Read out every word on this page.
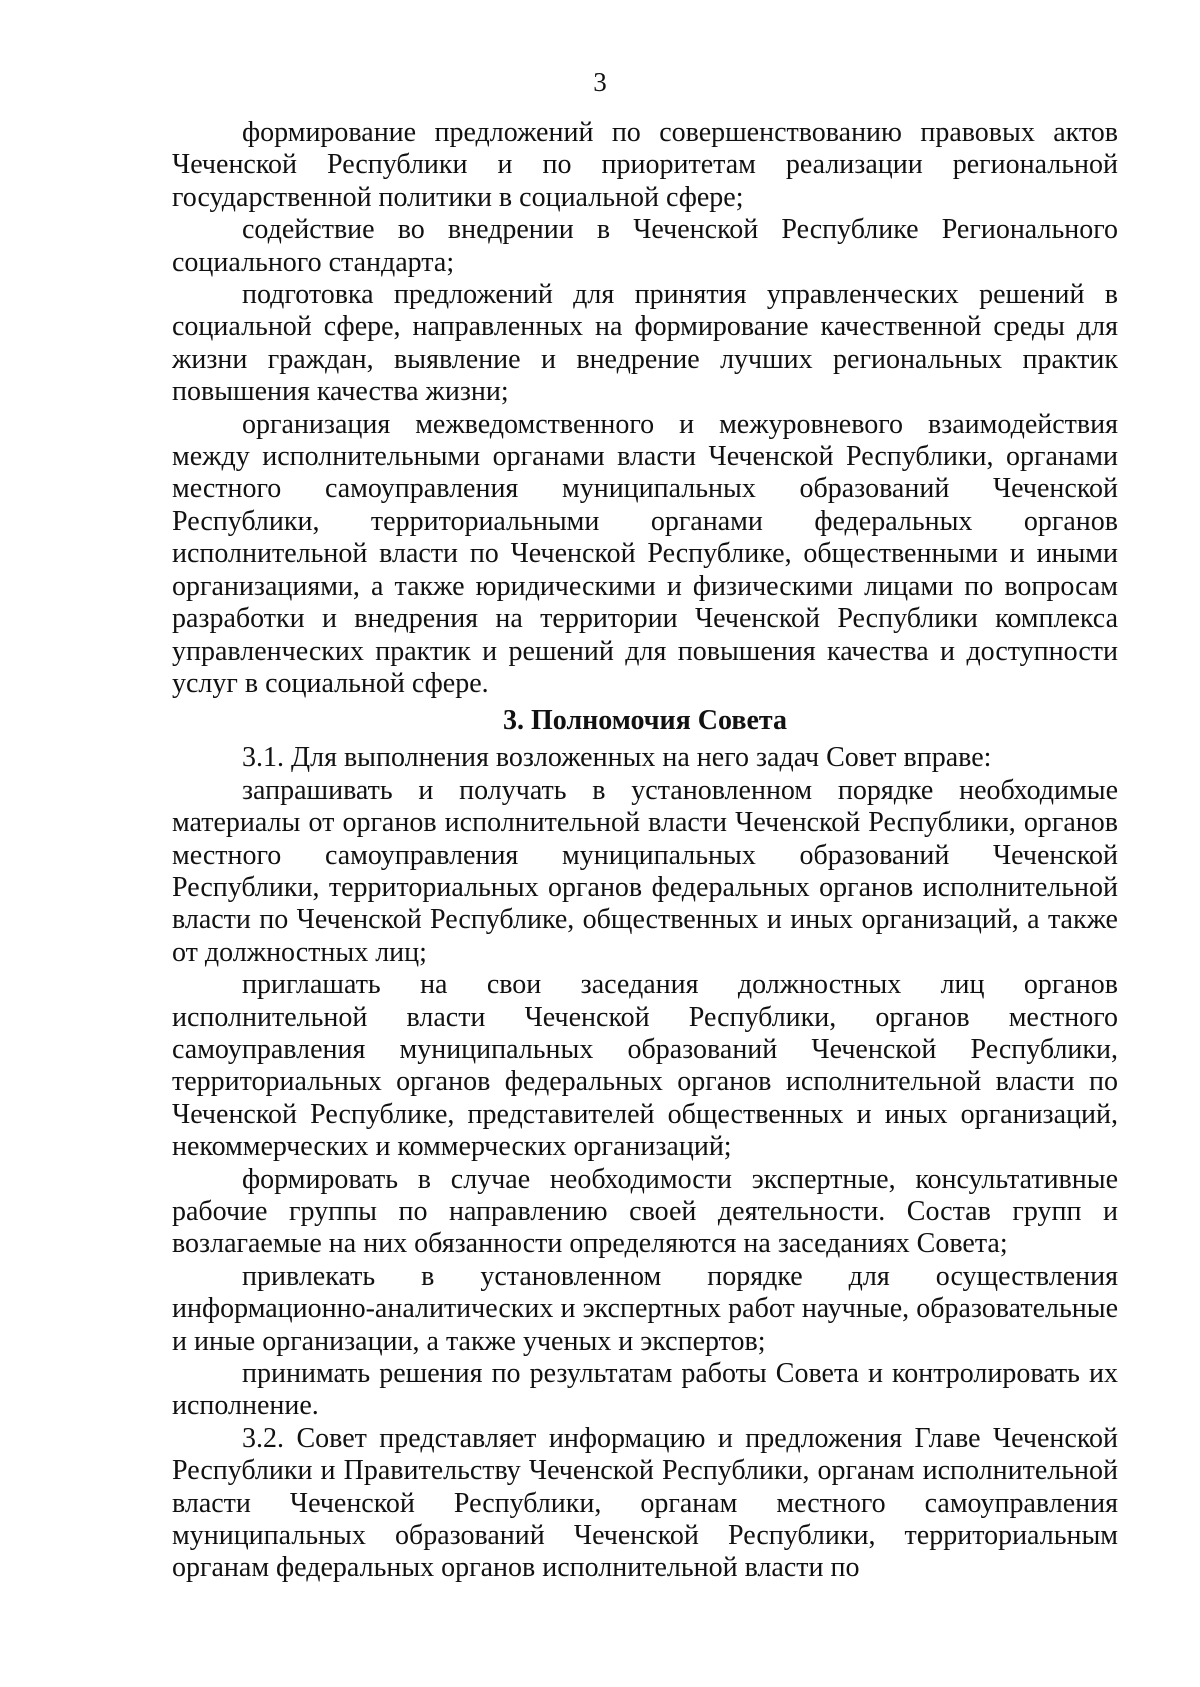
3

формирование предложений по совершенствованию правовых актов Чеченской Республики и по приоритетам реализации региональной государственной политики в социальной сфере;

содействие во внедрении в Чеченской Республике Регионального социального стандарта;

подготовка предложений для принятия управленческих решений в социальной сфере, направленных на формирование качественной среды для жизни граждан, выявление и внедрение лучших региональных практик повышения качества жизни;

организация межведомственного и межуровневого взаимодействия между исполнительными органами власти Чеченской Республики, органами местного самоуправления муниципальных образований Чеченской Республики, территориальными органами федеральных органов исполнительной власти по Чеченской Республике, общественными и иными организациями, а также юридическими и физическими лицами по вопросам разработки и внедрения на территории Чеченской Республики комплекса управленческих практик и решений для повышения качества и доступности услуг в социальной сфере.

3. Полномочия Совета

3.1. Для выполнения возложенных на него задач Совет вправе:

запрашивать и получать в установленном порядке необходимые материалы от органов исполнительной власти Чеченской Республики, органов местного самоуправления муниципальных образований Чеченской Республики, территориальных органов федеральных органов исполнительной власти по Чеченской Республике, общественных и иных организаций, а также от должностных лиц;

приглашать на свои заседания должностных лиц органов исполнительной власти Чеченской Республики, органов местного самоуправления муниципальных образований Чеченской Республики, территориальных органов федеральных органов исполнительной власти по Чеченской Республике, представителей общественных и иных организаций, некоммерческих и коммерческих организаций;

формировать в случае необходимости экспертные, консультативные рабочие группы по направлению своей деятельности. Состав групп и возлагаемые на них обязанности определяются на заседаниях Совета;

привлекать в установленном порядке для осуществления информационно-аналитических и экспертных работ научные, образовательные и иные организации, а также ученых и экспертов;

принимать решения по результатам работы Совета и контролировать их исполнение.

3.2. Совет представляет информацию и предложения Главе Чеченской Республики и Правительству Чеченской Республики, органам исполнительной власти Чеченской Республики, органам местного самоуправления муниципальных образований Чеченской Республики, территориальным органам федеральных органов исполнительной власти по
